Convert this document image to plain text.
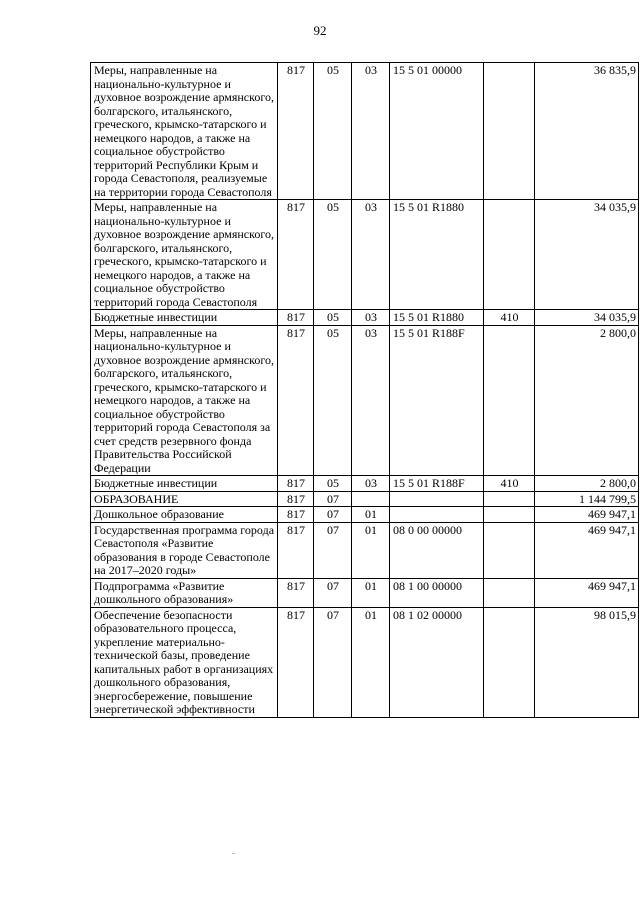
92
Меры, направленные на национально-культурное и духовное возрождение армянского, болгарского, итальянского, греческого, крымско-татарского и немецкого народов, а также на социальное обустройство территорий Республики Крым и города Севастополя, реализуемые на территории города Севастополя	817	05	03	15 5 01 00000		36 835,9
Меры, направленные на национально-культурное и духовное возрождение армянского, болгарского, итальянского, греческого, крымско-татарского и немецкого народов, а также на социальное обустройство территорий города Севастополя	817	05	03	15 5 01 R1880		34 035,9
Бюджетные инвестиции	817	05	03	15 5 01 R1880	410	34 035,9
Меры, направленные на национально-культурное и духовное возрождение армянского, болгарского, итальянского, греческого, крымско-татарского и немецкого народов, а также на социальное обустройство территорий города Севастополя за счет средств резервного фонда Правительства Российской Федерации	817	05	03	15 5 01 R188F		2 800,0
Бюджетные инвестиции	817	05	03	15 5 01 R188F	410	2 800,0
ОБРАЗОВАНИЕ	817	07				1 144 799,5
Дошкольное образование	817	07	01			469 947,1
Государственная программа города Севастополя «Развитие образования в городе Севастополе на 2017–2020 годы»	817	07	01	08 0 00 00000		469 947,1
Подпрограмма «Развитие дошкольного образования»	817	07	01	08 1 00 00000		469 947,1
Обеспечение безопасности образовательного процесса, укрепление материально-технической базы, проведение капитальных работ в организациях дошкольного образования, энергосбережение, повышение энергетической эффективности	817	07	01	08 1 02 00000		98 015,9
